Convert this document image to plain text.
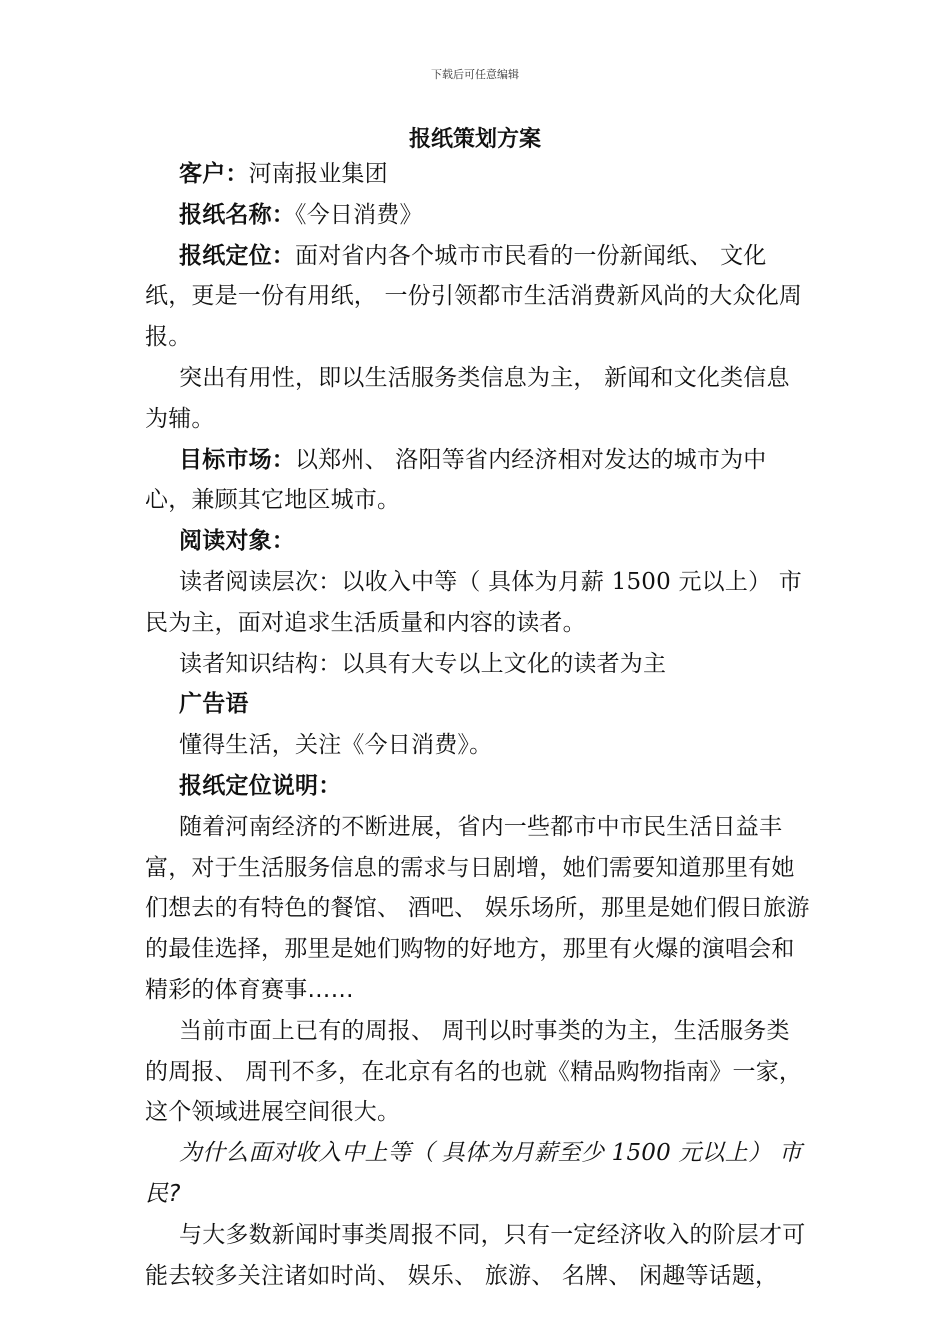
下载后可任意编辑
报纸策划方案

客户：河南报业集团

报纸名称：《今日消费》

报纸定位：面对省内各个城市市民看的一份新闻纸、 文化纸，更是一份有用纸， 一份引领都市生活消费新风尚的大众化周报。

突出有用性，即以生活服务类信息为主， 新闻和文化类信息为辅。

目标市场：以郑州、 洛阳等省内经济相对发达的城市为中心，兼顾其它地区城市。

阅读对象：

读者阅读层次：以收入中等（ 具体为月薪 1500 元以上） 市民为主，面对追求生活质量和内容的读者。

读者知识结构：以具有大专以上文化的读者为主

广告语

懂得生活，关注《今日消费》。

报纸定位说明：

随着河南经济的不断进展，省内一些都市中市民生活日益丰富，对于生活服务信息的需求与日剧增，她们需要知道那里有她们想去的有特色的餐馆、 酒吧、 娱乐场所，那里是她们假日旅游的最佳选择，那里是她们购物的好地方，那里有火爆的演唱会和精彩的体育赛事……

当前市面上已有的周报、 周刊以时事类的为主，生活服务类的周报、 周刊不多，在北京有名的也就《精品购物指南》一家，这个领域进展空间很大。

为什么面对收入中上等（ 具体为月薪至少 1500 元以上） 市民?

与大多数新闻时事类周报不同，只有一定经济收入的阶层才可能去较多关注诸如时尚、 娱乐、 旅游、 名牌、 闲趣等话题，
